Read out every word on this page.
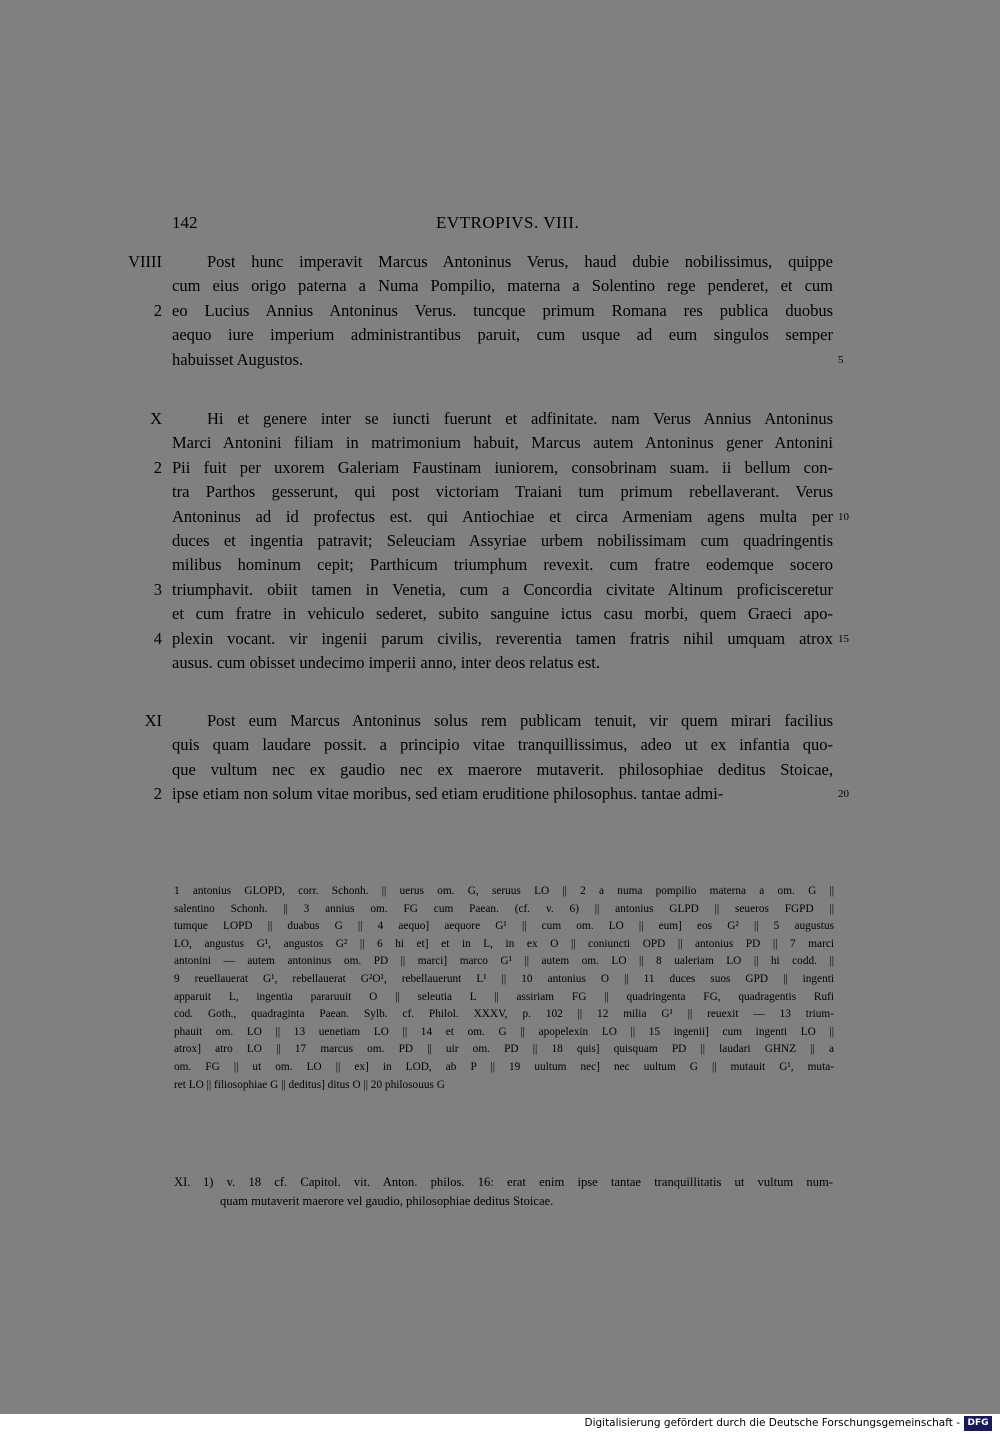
142	EVTROPIVS. VIII.
VIIII	Post hunc imperavit Marcus Antoninus Verus, haud dubie nobilissimus, quippe
cum eius origo paterna a Numa Pompilio, materna a Solentino rege penderet, et cum
2 eo Lucius Annius Antoninus Verus. tuncque primum Romana res publica duobus
aequo iure imperium administrantibus paruit, cum usque ad eum singulos semper
habuisset Augustos.	5
X	Hi et genere inter se iuncti fuerunt et adfinitate. nam Verus Annius Antoninus
Marci Antonini filiam in matrimonium habuit, Marcus autem Antoninus gener Antonini
2 Pii fuit per uxorem Galeriam Faustinam iuniorem, consobrinam suam. ii bellum con-
tra Parthos gesserunt, qui post victoriam Traiani tum primum rebellaverant. Verus
Antoninus ad id profectus est. qui Antiochiae et circa Armeniam agens multa per 10
duces et ingentia patravit; Seleuciam Assyriae urbem nobilissimam cum quadringentis
milibus hominum cepit; Parthicum triumphum revexit. cum fratre eodemque socero
3 triumphavit. obiit tamen in Venetia, cum a Concordia civitate Altinum proficisceretur
et cum fratre in vehiculo sederet, subito sanguine ictus casu morbi, quem Graeci apo-
4 plexin vocant. vir ingenii parum civilis, reverentia tamen fratris nihil umquam atrox 15
ausus. cum obisset undecimo imperii anno, inter deos relatus est.
XI	Post eum Marcus Antoninus solus rem publicam tenuit, vir quem mirari facilius
quis quam laudare possit. a principio vitae tranquillissimus, adeo ut ex infantia quo-
que vultum nec ex gaudio nec ex maerore mutaverit. philosophiae deditus Stoicae,
2 ipse etiam non solum vitae moribus, sed etiam eruditione philosophus. tantae admi-	20
1 antonius GLOPD, corr. Schonh. || uerus om. G, seruus LO || 2 a numa pompilio materna a om. G ||
salentino Schonh. || 3 annius om. FG cum Paean. (cf. v. 6) || antonius GLPD || seueros FGPD ||
tumque LOPD || duabus G || 4 aequo] aequore G¹ || cum om. LO || eum] eos G² || 5 augustus
LO, angustus G¹, angustos G² || 6 hi et] et in L, in ex O || coniuncti OPD || antonius PD || 7 marci
antonini — autem antoninus om. PD || marci] marco G¹ || autem om. LO || 8 ualeriam LO || hi codd. ||
9 reuellauerat G¹, rebellauerat G²O¹, rebellauerunt L¹ || 10 antonius O || 11 duces suos GPD || ingenti
apparuit L, ingentia pararuuit O || seleutia L || assiriam FG || quadringenta FG, quadragentis Rufi
cod. Goth., quadraginta Paean. Sylb. cf. Philol. XXXV, p. 102 || 12 milia G¹ || reuexit — 13 trium-
phauit om. LO || 13 uenetiam LO || 14 et om. G || apopelexin LO || 15 ingenii] cum ingenti LO ||
atrox] atro LO || 17 marcus om. PD || uir om. PD || 18 quis] quisquam PD || laudari GHNZ || a
om. FG || ut om. LO || ex] in LOD, ab P || 19 uultum nec] nec uultum G || mutauit G¹, muta-
ret LO || filiosophiae G || deditus] ditus O || 20 philosouus G
XI. 1) v. 18 cf. Capitol. vit. Anton. philos. 16: erat enim ipse tantae tranquillitatis ut vultum num-
quam mutaverit maerore vel gaudio, philosophiae deditus Stoicae.
Digitalisierung gefördert durch die Deutsche Forschungsgemeinschaft - DFG
